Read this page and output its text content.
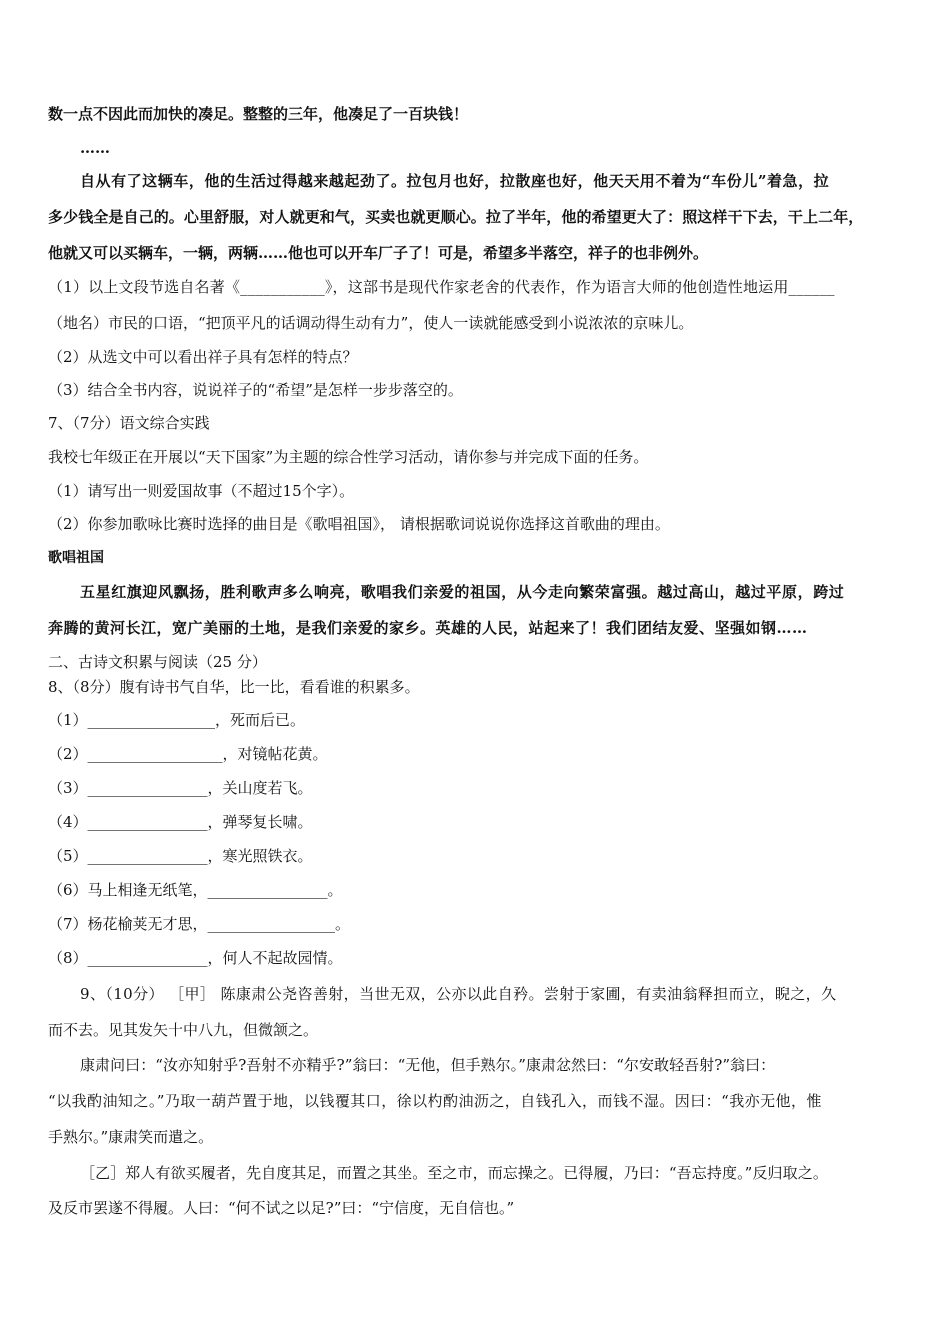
数一点不因此而加快的凑足。整整的三年，他凑足了一百块钱！
……
自从有了这辆车，他的生活过得越来越起劲了。拉包月也好，拉散座也好，他天天用不着为“车份儿”着急，拉
多少钱全是自己的。心里舒服，对人就更和气，买卖也就更顺心。拉了半年，他的希望更大了：照这样干下去，干上二年，
他就又可以买辆车，一辆，两辆……他也可以开车厂子了！可是，希望多半落空，祥子的也非例外。
（1）以上文段节选自名著《___________》，这部书是现代作家老舍的代表作，作为语言大师的他创造性地运用______
（地名）市民的口语，“把顶平凡的话调动得生动有力”，使人一读就能感受到小说浓浓的京味儿。
（2）从选文中可以看出祥子具有怎样的特点？
（3）结合全书内容，说说祥子的“希望”是怎样一步步落空的。
7、（7分）语文综合实践
我校七年级正在开展以“天下国家”为主题的综合性学习活动，请你参与并完成下面的任务。
（1）请写出一则爱国故事（不超过15个字）。
（2）你参加歌咏比赛时选择的曲目是《歌唱祖国》， 请根据歌词说说你选择这首歌曲的理由。
歌唱祖国
五星红旗迎风飘扬，胜利歌声多么响亮，歌唱我们亲爱的祖国，从今走向繁荣富强。越过高山，越过平原，跨过
奔腾的黄河长江，宽广美丽的土地，是我们亲爱的家乡。英雄的人民，站起来了！我们团结友爱、坚强如钢……
二、古诗文积累与阅读（25 分）
8、（8分）腹有诗书气自华，比一比，看看谁的积累多。
（1）_________________，死而后已。
（2）__________________，对镜帖花黄。
（3）________________，关山度若飞。
（4）________________，弹琴复长啸。
（5）________________，寒光照铁衣。
（6）马上相逢无纸笔，________________。
（7）杨花榆荚无才思，_________________。
（8）________________，何人不起故园情。
9、（10分） ［甲］ 陈康肃公尧咨善射，当世无双，公亦以此自矜。尝射于家圃，有卖油翁释担而立，睨之，久
而不去。见其发矢十中八九，但微颔之。
康肃问曰：“汝亦知射乎?吾射不亦精乎?”翁曰：“无他，但手熟尔。”康肃忿然曰：“尔安敢轻吾射?”翁曰：
“以我酌油知之。”乃取一葫芦置于地，以钱覆其口，徐以杓酌油沥之，自钱孔入，而钱不湿。因曰：“我亦无他，惟
手熟尔。”康肃笑而遣之。
［乙］郑人有欲买履者，先自度其足，而置之其坐。至之市，而忘操之。已得履，乃曰：“吾忘持度。”反归取之。
及反市罢遂不得履。人曰：“何不试之以足?”曰：“宁信度，无自信也。”
